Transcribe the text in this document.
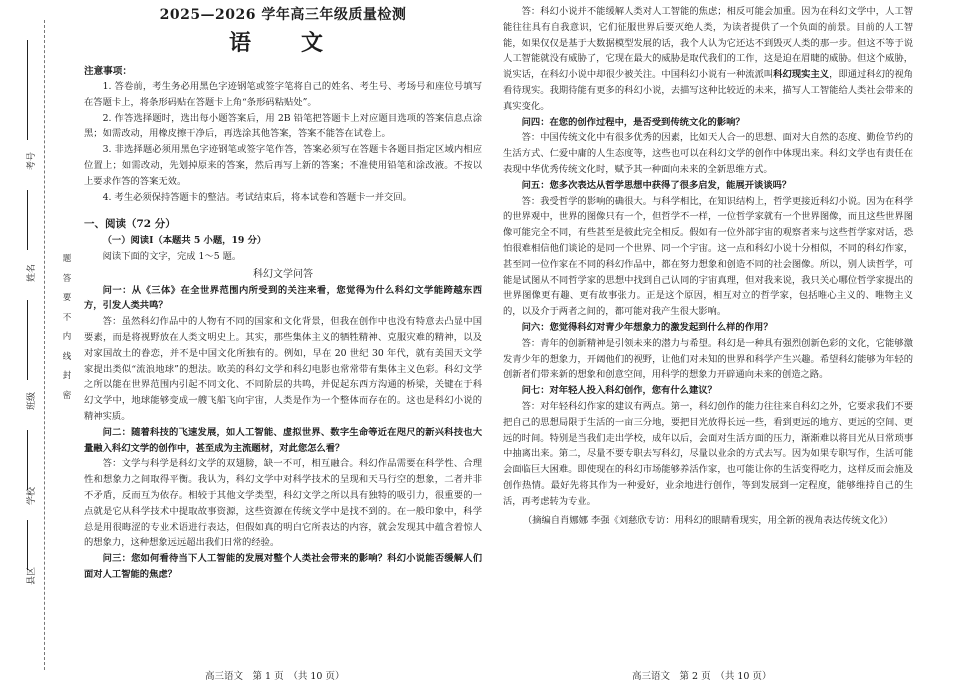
考号
姓名
班级
学校
县区
题
答
要
不
内
线
封
密
2025—2026 学年高三年级质量检测
语　文
注意事项：

1. 答卷前，考生务必用黑色字迹钢笔或签字笔将自己的姓名、考生号、考场号和座位号填写在答题卡上，将条形码贴在答题卡上角“条形码粘贴处”。

2. 作答选择题时，选出每小题答案后，用 2B 铅笔把答题卡上对应题目选项的答案信息点涂黑；如需改动，用橡皮擦干净后，再选涂其他答案，答案不能答在试卷上。

3. 非选择题必须用黑色字迹钢笔或签字笔作答，答案必须写在答题卡各题目指定区域内相应位置上；如需改动，先划掉原来的答案，然后再写上新的答案；不准使用铅笔和涂改液。不按以上要求作答的答案无效。

4. 考生必须保持答题卡的整洁。考试结束后，将本试卷和答题卡一并交回。

一、阅读（72 分）

（一）阅读Ⅰ（本题共 5 小题，19 分）

阅读下面的文字，完成 1～5 题。

科幻文学问答

问一：从《三体》在全世界范围内所受到的关注来看，您觉得为什么科幻文学能跨越东西方，引发人类共鸣？

答：虽然科幻作品中的人物有不同的国家和文化背景，但我在创作中也没有特意去凸显中国要素，而是将视野放在人类文明史上。其实，那些集体主义的牺牲精神、克服灾难的精神，以及对家国故土的眷恋，并不是中国文化所独有的。例如，早在 20 世纪 30 年代，就有美国天文学家提出类似“流浪地球”的想法。欧美的科幻文学和科幻电影也常常带有集体主义色彩。科幻文学之所以能在世界范围内引起不同文化、不同阶层的共鸣，并促起东西方沟通的桥梁，关键在于科幻文学中，地球能够变成一艘飞船飞向宇宙，人类是作为一个整体而存在的。这也是科幻小说的精神实质。

问二：随着科技的飞速发展，如人工智能、虚拟世界、数字生命等近在咫尺的新兴科技也大量融入科幻文学的创作中，甚至成为主流题材，对此您怎么看？

答：文学与科学是科幻文学的双翅膀，缺一不可，相互融合。科幻作品需要在科学性、合理性和想象力之间取得平衡。我认为，科幻文学中对科学技术的呈现和天马行空的想象，二者并非不矛盾，反而互为依存。相较于其他文学类型，科幻文学之所以具有独特的吸引力，很重要的一点就是它从科学技术中提取故事资源，这些资源在传统文学中是找不到的。在一般印象中，科学总是用很晦涩的专业术语进行表达，但假如真的明白它所表达的内容，就会发现其中蕴含着惊人的想象力，这种想象远远超出我们日常的经验。

问三：您如何看待当下人工智能的发展对整个人类社会带来的影响？科幻小说能否缓解人们面对人工智能的焦虑？

答：科幻小说并不能缓解人类对人工智能的焦虑；相反可能会加重。因为在科幻文学中，人工智能往往具有自我意识，它们征服世界后要灭绝人类，为读者提供了一个负面的前景。目前的人工智能，如果仅仅是基于大数据模型发展的话，我个人认为它还达不到毁灭人类的那一步。但这不等于说人工智能就没有威胁了，它现在最大的威胁是取代我们的工作，这是迫在眉睫的威胁。但这个威胁，说实话，在科幻小说中却很少被关注。中国科幻小说有一种流派叫科幻现实主义，即通过科幻的视角看待现实。我期待能有更多的科幻小说，去描写这种比较近的未来，描写人工智能给人类社会带来的真实变化。

问四：在您的创作过程中，是否受到传统文化的影响？

答：中国传统文化中有很多优秀的因素，比如天人合一的思想、面对大自然的态度、勤俭节约的生活方式、仁爱中庸的人生态度等，这些也可以在科幻文学的创作中体现出来。科幻文学也有责任在表现中华优秀传统文化时，赋予其一种面向未来的全新思维方式。

问五：您多次表达从哲学思想中获得了很多启发，能展开谈谈吗？

答：我受哲学的影响的确很大。与科学相比，在知识结构上，哲学更接近科幻小说。因为在科学的世界观中，世界的图像只有一个，但哲学不一样，一位哲学家就有一个世界图像，而且这些世界图像可能完全不同，有些甚至是彼此完全相反。假如有一位外部宇宙的观察者来与这些哲学家对话，恐怕很难相信他们谈论的是同一个世界、同一个宇宙。这一点和科幻小说十分相似，不同的科幻作家，甚至同一位作家在不同的科幻作品中，都在努力想象和创造不同的社会图像。所以，别人读哲学，可能是试图从不同哲学家的思想中找到自己认同的宇宙真理，但对我来说，我只关心哪位哲学家提出的世界图像更有趣、更有故事张力。正是这个原因，相互对立的哲学家，包括唯心主义的、唯物主义的，以及介于两者之间的，都可能对我产生很大影响。

问六：您觉得科幻对青少年想象力的激发起到什么样的作用？

答：青年的创新精神是引领未来的潜力与希望。科幻是一种具有强烈创新色彩的文化，它能够激发青少年的想象力，开阔他们的视野，让他们对未知的世界和科学产生兴趣。希望科幻能够为年轻的创新者们带来新的想象和创意空间，用科学的想象力开辟通向未来的创造之路。

问七：对年轻人投入科幻创作，您有什么建议？

答：对年轻科幻作家的建议有两点。第一，科幻创作的能力往往来自科幻之外，它要求我们不要把自己的思想局限于生活的一亩三分地，要把目光放得长远一些，看到更远的地方、更远的空间、更远的时间。特别是当我们走出学校，成年以后，会面对生活方面的压力，渐渐难以将目光从日常琐事中抽离出来。第二，尽量不要专职去写科幻，尽量以业余的方式去写。因为如果专职写作，生活可能会面临巨大困难。即使现在的科幻市场能够养活作家，也可能让你的生活变得吃力，这样反而会施及创作热情。最好先将其作为一种爱好，业余地进行创作，等到发展到一定程度，能够维持自己的生活，再考虑转为专业。

（摘编自肖娜娜 李强《刘慈欣专访：用科幻的眼睛看现实，用全新的视角表达传统文化》）

高三语文　第 1 页　（共 10 页）	高三语文　第 2 页　（共 10 页）
